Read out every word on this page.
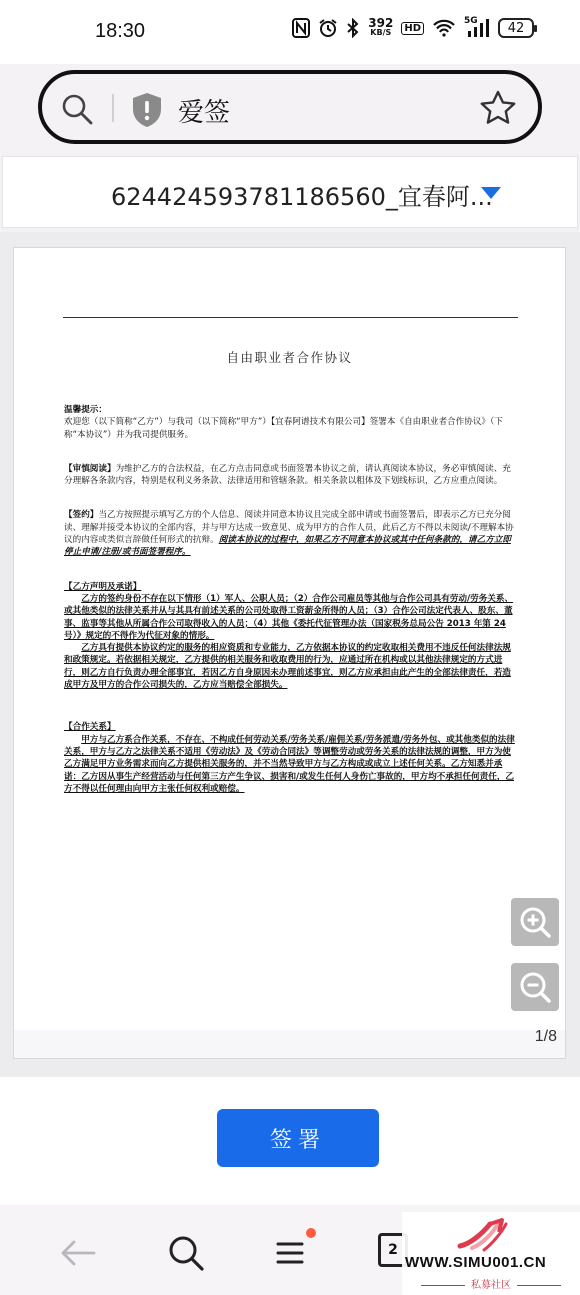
18:30	392
KB/S	HD
5G	42
爱签
624424593781186560_宜春阿...
自由职业者合作协议

温馨提示：

欢迎您（以下简称“乙方”）与我司（以下简称“甲方”）【宜春阿谱技术有限公司】签署本《自由职业者合作协议》（下称“本协议”）并为我司提供服务。

【审慎阅读】为维护乙方的合法权益，在乙方点击同意或书面签署本协议之前，请认真阅读本协议，务必审慎阅读、充分理解各条款内容，特别是权利义务条款、法律适用和管辖条款。相关条款以粗体及下划线标识，乙方应重点阅读。

【签约】当乙方按照提示填写乙方的个人信息、阅读并同意本协议且完成全部申请或书面签署后，即表示乙方已充分阅读、理解并接受本协议的全部内容，并与甲方达成一致意见、成为甲方的合作人员，此后乙方不得以未阅读/不理解本协议的内容或类似言辞做任何形式的抗辩。阅读本协议的过程中，如果乙方不同意本协议或其中任何条款的，请乙方立即停止申请/注册/或书面签署程序。

【乙方声明及承诺】

乙方的签约身份不存在以下情形（1）军人、公职人员；（2）合作公司雇员等其他与合作公司具有劳动/劳务关系、或其他类似的法律关系并从与其具有前述关系的公司处取得工资薪金所得的人员；（3）合作公司法定代表人、股东、董事、监事等其他从所属合作公司取得收入的人员；（4）其他《委托代征管理办法（国家税务总局公告 2013 年第 24 号）》规定的不得作为代征对象的情形。

乙方具有提供本协议约定的服务的相应资质和专业能力，乙方依据本协议的约定收取相关费用不违反任何法律法规和政策规定。若依据相关规定，乙方提供的相关服务和收取费用的行为，应通过所在机构或以其他法律规定的方式进行，则乙方自行负责办理全部事宜，若因乙方自身原因未办理前述事宜，则乙方应承担由此产生的全部法律责任，若造成甲方及甲方的合作公司损失的，乙方应当赔偿全部损失。

【合作关系】

甲方与乙方系合作关系，不存在、不构成任何劳动关系/劳务关系/雇佣关系/劳务派遣/劳务外包、或其他类似的法律关系，甲方与乙方之法律关系不适用《劳动法》及《劳动合同法》等调整劳动或劳务关系的法律法规的调整，甲方为使乙方满足甲方业务需求而向乙方提供相关服务的，并不当然导致甲方与乙方构成或成立上述任何关系。乙方知悉并承诺：乙方因从事生产经营活动与任何第三方产生争议、损害和/或发生任何人身伤亡事故的，甲方均不承担任何责任，乙方不得以任何理由向甲方主张任何权利或赔偿。

1/8
签署
2
WWW.SIMU001.CN
私募社区
